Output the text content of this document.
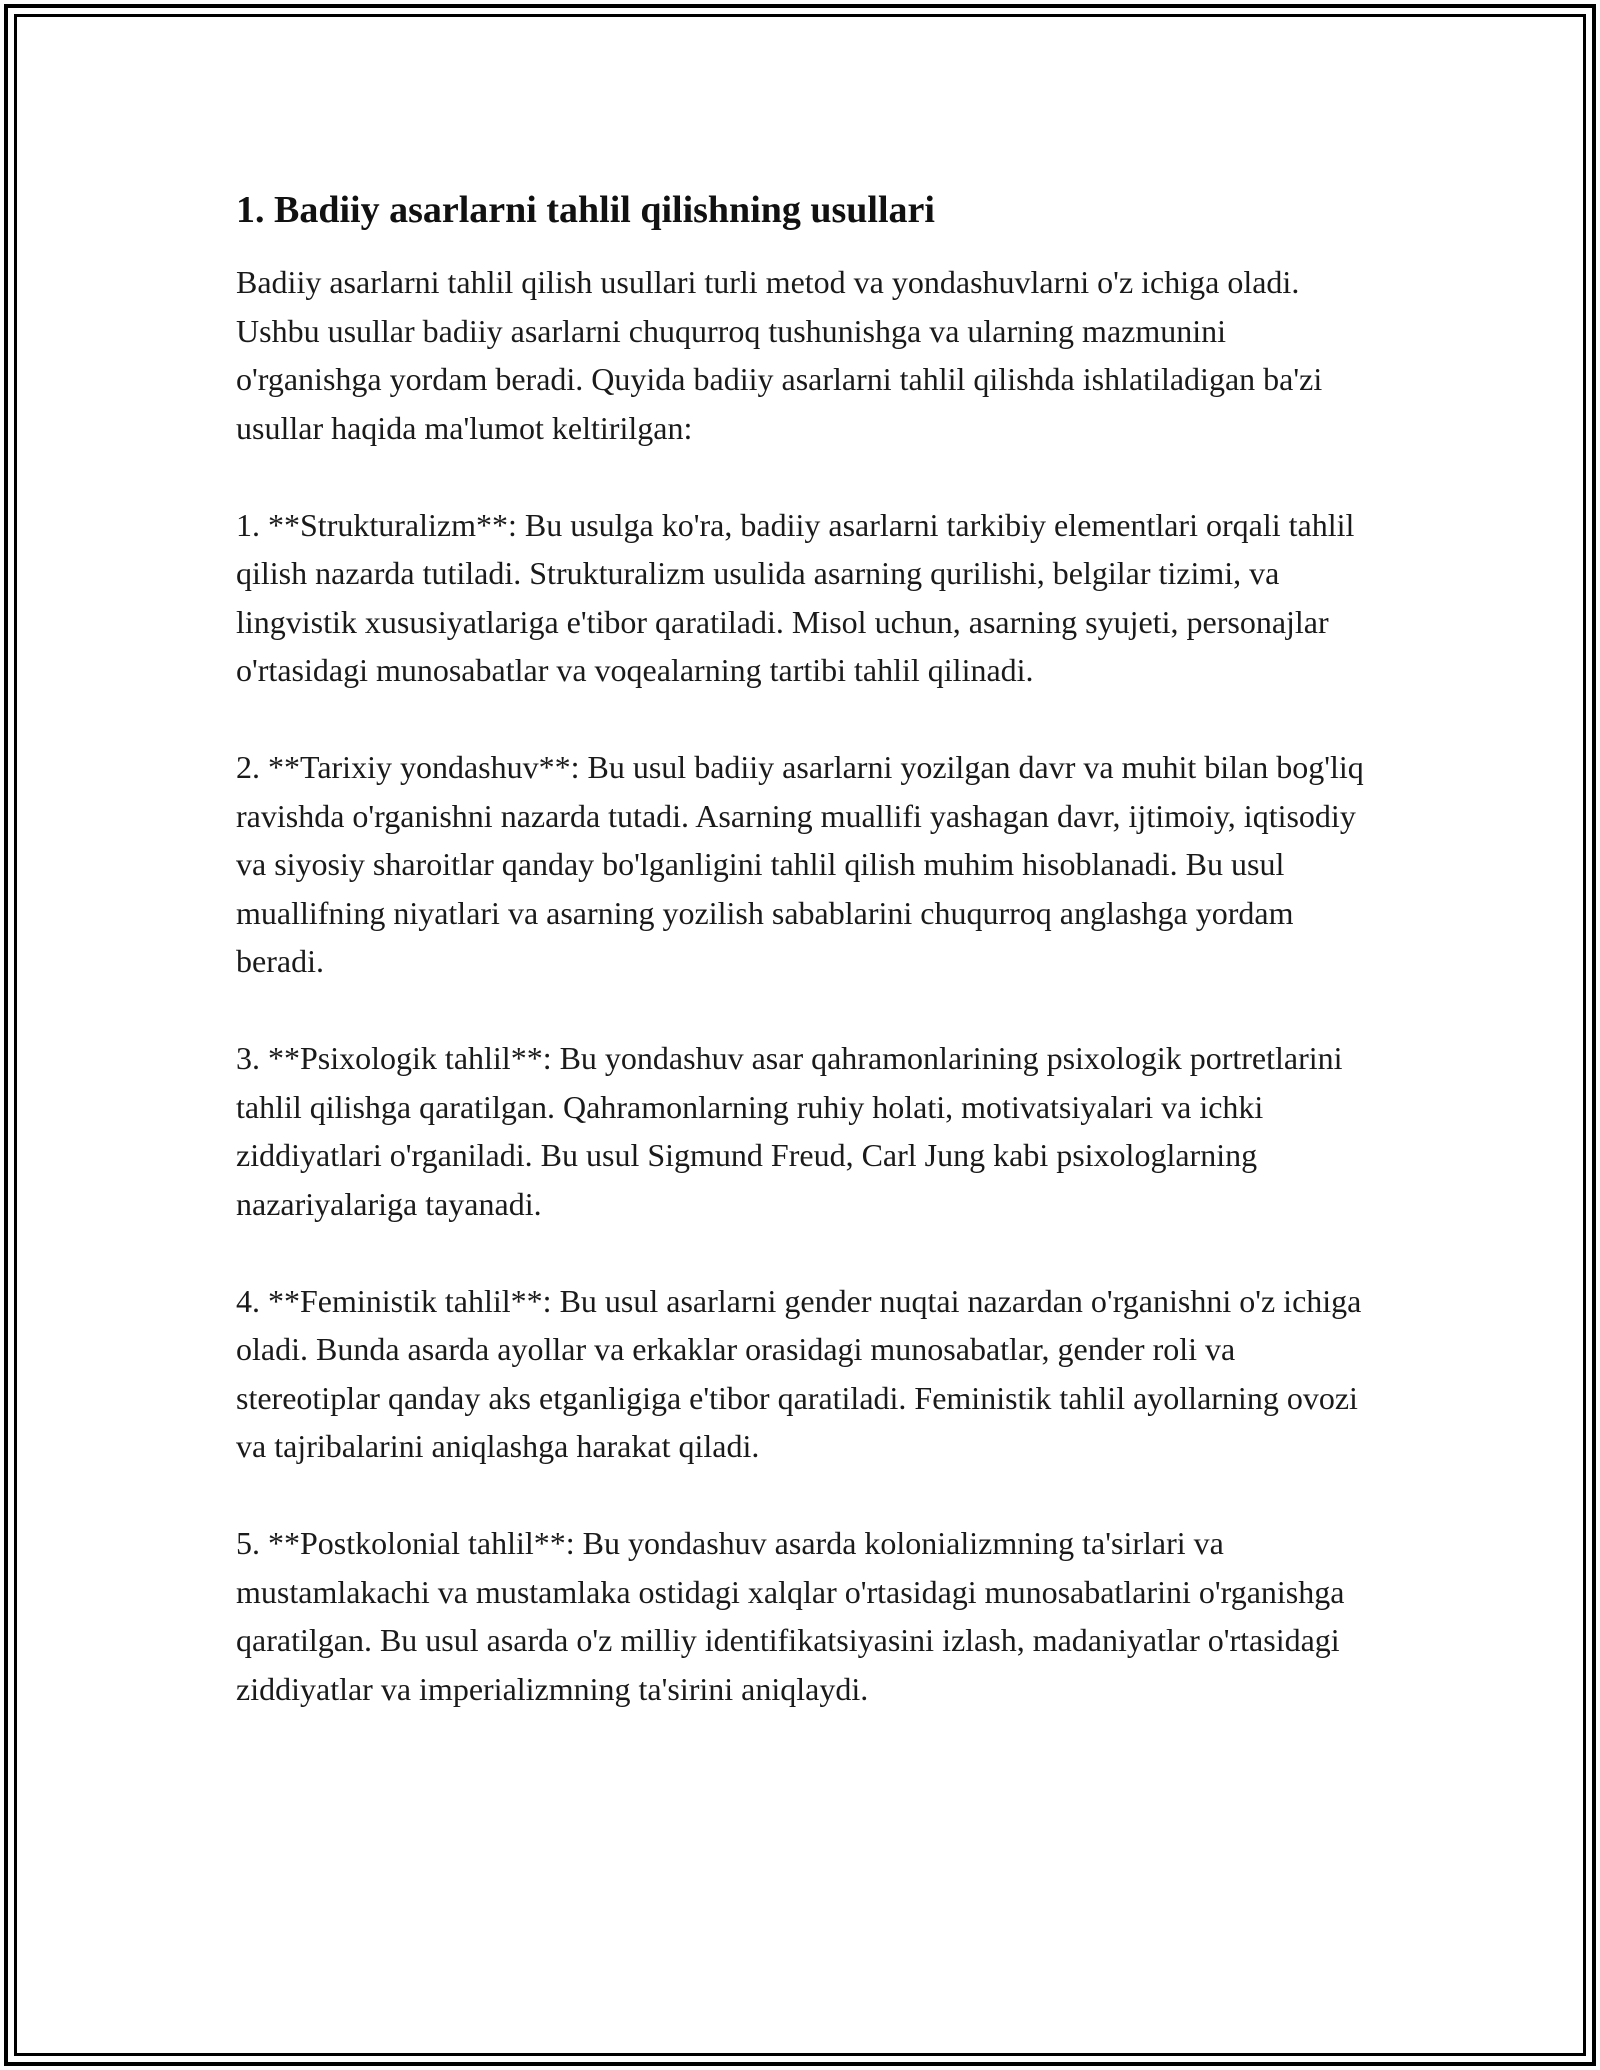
1. Badiiy asarlarni tahlil qilishning usullari

Badiiy asarlarni tahlil qilish usullari turli metod va yondashuvlarni o'z ichiga oladi. Ushbu usullar badiiy asarlarni chuqurroq tushunishga va ularning mazmunini o'rganishga yordam beradi. Quyida badiiy asarlarni tahlil qilishda ishlatiladigan ba'zi usullar haqida ma'lumot keltirilgan:

1. **Strukturalizm**: Bu usulga ko'ra, badiiy asarlarni tarkibiy elementlari orqali tahlil qilish nazarda tutiladi. Strukturalizm usulida asarning qurilishi, belgilar tizimi, va lingvistik xususiyatlariga e'tibor qaratiladi. Misol uchun, asarning syujeti, personajlar o'rtasidagi munosabatlar va voqealarning tartibi tahlil qilinadi.

2. **Tarixiy yondashuv**: Bu usul badiiy asarlarni yozilgan davr va muhit bilan bog'liq ravishda o'rganishni nazarda tutadi. Asarning muallifi yashagan davr, ijtimoiy, iqtisodiy va siyosiy sharoitlar qanday bo'lganligini tahlil qilish muhim hisoblanadi. Bu usul muallifning niyatlari va asarning yozilish sabablarini chuqurroq anglashga yordam beradi.

3. **Psixologik tahlil**: Bu yondashuv asar qahramonlarining psixologik portretlarini tahlil qilishga qaratilgan. Qahramonlarning ruhiy holati, motivatsiyalari va ichki ziddiyatlari o'rganiladi. Bu usul Sigmund Freud, Carl Jung kabi psixologlarning nazariyalariga tayanadi.

4. **Feministik tahlil**: Bu usul asarlarni gender nuqtai nazardan o'rganishni o'z ichiga oladi. Bunda asarda ayollar va erkaklar orasidagi munosabatlar, gender roli va stereotiplar qanday aks etganligiga e'tibor qaratiladi. Feministik tahlil ayollarning ovozi va tajribalarini aniqlashga harakat qiladi.

5. **Postkolonial tahlil**: Bu yondashuv asarda kolonializmning ta'sirlari va mustamlakachi va mustamlaka ostidagi xalqlar o'rtasidagi munosabatlarini o'rganishga qaratilgan. Bu usul asarda o'z milliy identifikatsiyasini izlash, madaniyatlar o'rtasidagi ziddiyatlar va imperializmning ta'sirini aniqlaydi.
